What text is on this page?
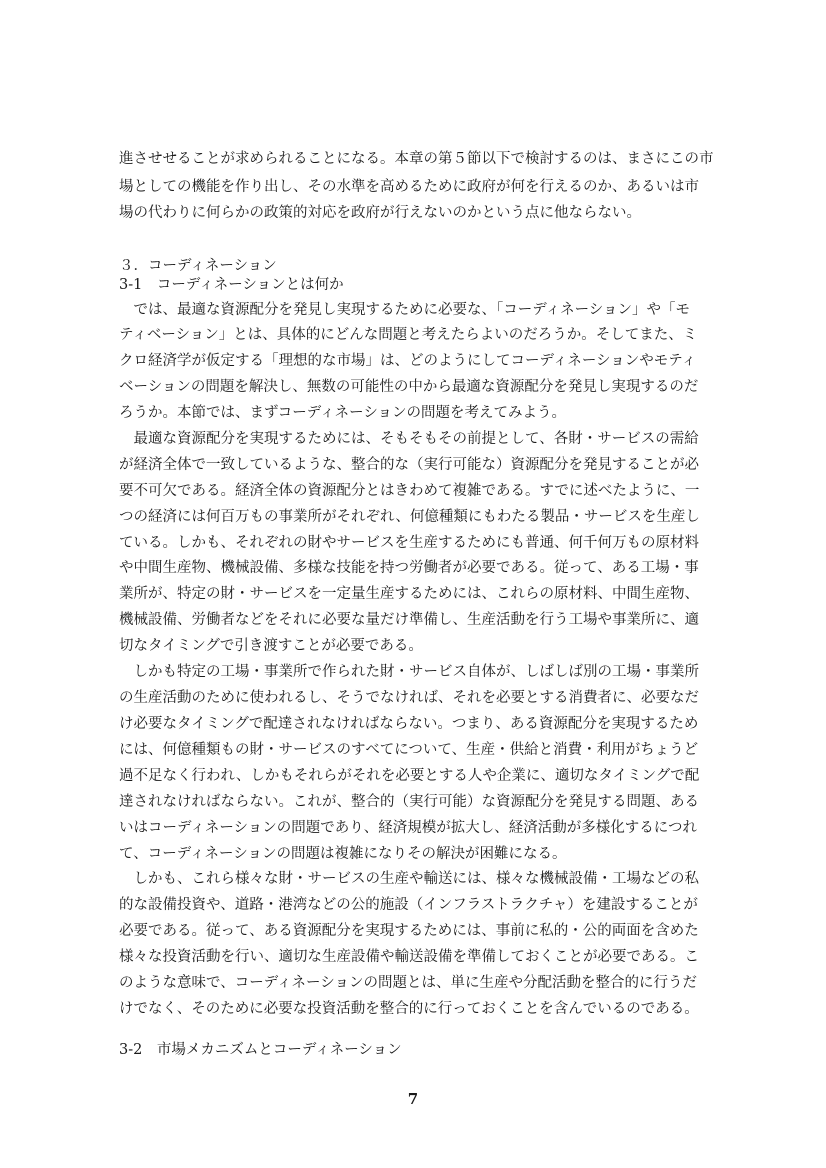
進させせることが求められることになる。本章の第５節以下で検討するのは、まさにこの市
場としての機能を作り出し、その水準を高めるために政府が何を行えるのか、あるいは市
場の代わりに何らかの政策的対応を政府が行えないのかという点に他ならない。
３．コーディネーション
3-1　コーディネーションとは何か
　では、最適な資源配分を発見し実現するために必要な、「コーディネーション」や「モ
ティベーション」とは、具体的にどんな問題と考えたらよいのだろうか。そしてまた、ミ
クロ経済学が仮定する「理想的な市場」は、どのようにしてコーディネーションやモティ
ベーションの問題を解決し、無数の可能性の中から最適な資源配分を発見し実現するのだ
ろうか。本節では、まずコーディネーションの問題を考えてみよう。
　最適な資源配分を実現するためには、そもそもその前提として、各財・サービスの需給
が経済全体で一致しているような、整合的な（実行可能な）資源配分を発見することが必
要不可欠である。経済全体の資源配分とはきわめて複雑である。すでに述べたように、一
つの経済には何百万もの事業所がそれぞれ、何億種類にもわたる製品・サービスを生産し
ている。しかも、それぞれの財やサービスを生産するためにも普通、何千何万もの原材料
や中間生産物、機械設備、多様な技能を持つ労働者が必要である。従って、ある工場・事
業所が、特定の財・サービスを一定量生産するためには、これらの原材料、中間生産物、
機械設備、労働者などをそれに必要な量だけ準備し、生産活動を行う工場や事業所に、適
切なタイミングで引き渡すことが必要である。
　しかも特定の工場・事業所で作られた財・サービス自体が、しばしば別の工場・事業所
の生産活動のために使われるし、そうでなければ、それを必要とする消費者に、必要なだ
け必要なタイミングで配達されなければならない。つまり、ある資源配分を実現するため
には、何億種類もの財・サービスのすべてについて、生産・供給と消費・利用がちょうど
過不足なく行われ、しかもそれらがそれを必要とする人や企業に、適切なタイミングで配
達されなければならない。これが、整合的（実行可能）な資源配分を発見する問題、ある
いはコーディネーションの問題であり、経済規模が拡大し、経済活動が多様化するにつれ
て、コーディネーションの問題は複雑になりその解決が困難になる。
　しかも、これら様々な財・サービスの生産や輸送には、様々な機械設備・工場などの私
的な設備投資や、道路・港湾などの公的施設（インフラストラクチャ）を建設することが
必要である。従って、ある資源配分を実現するためには、事前に私的・公的両面を含めた
様々な投資活動を行い、適切な生産設備や輸送設備を準備しておくことが必要である。こ
のような意味で、コーディネーションの問題とは、単に生産や分配活動を整合的に行うだ
けでなく、そのために必要な投資活動を整合的に行っておくことを含んでいるのである。
3-2　市場メカニズムとコーディネーション
7
